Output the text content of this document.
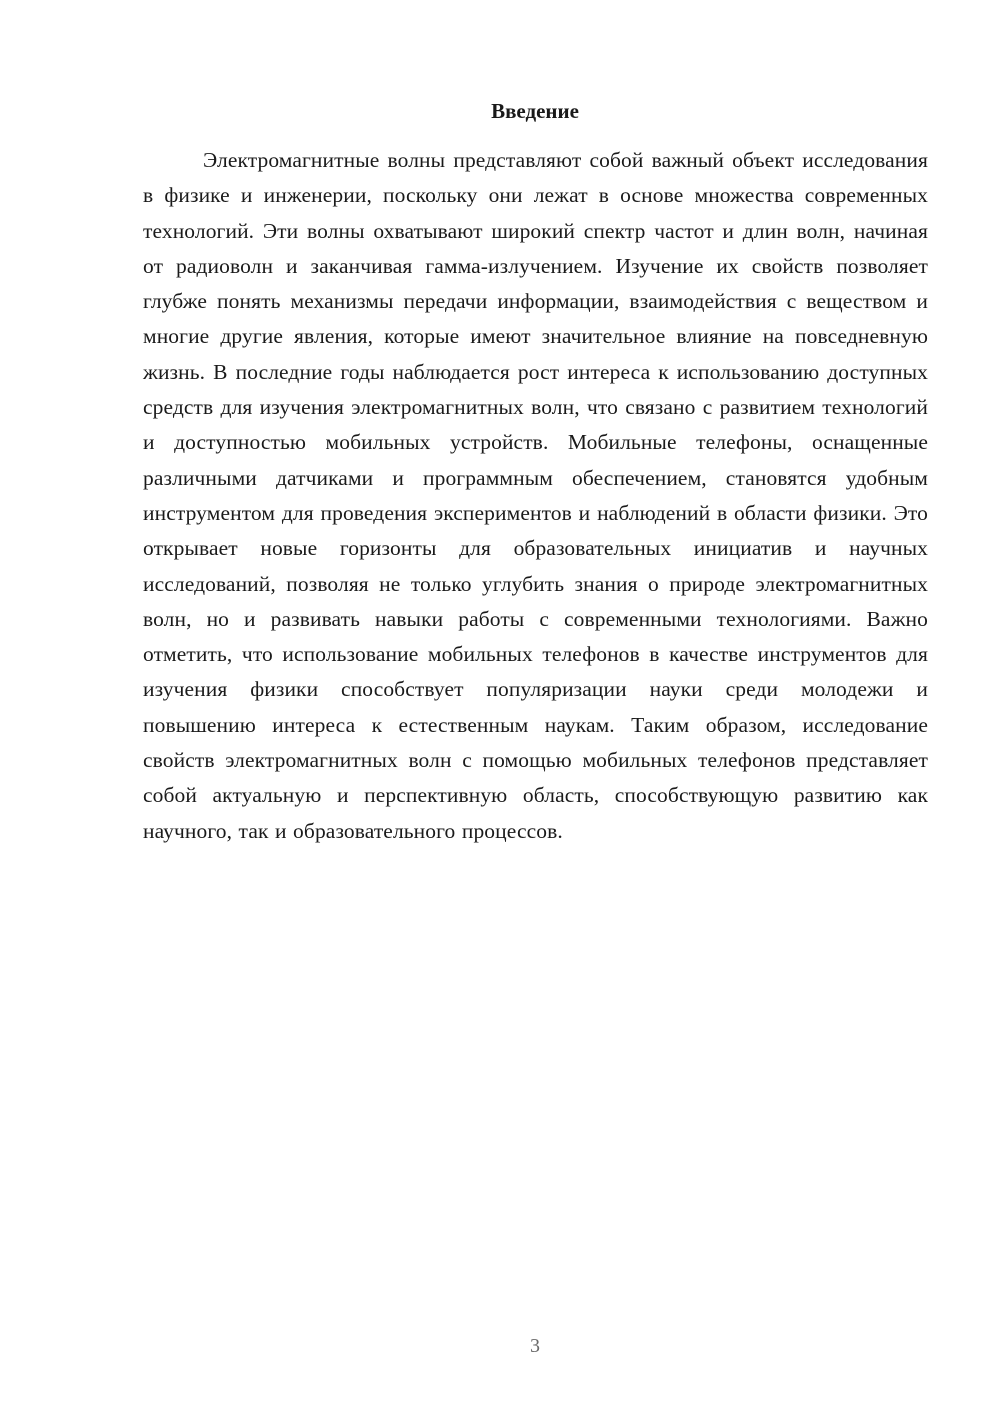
Введение

Электромагнитные волны представляют собой важный объект исследования в физике и инженерии, поскольку они лежат в основе множества современных технологий. Эти волны охватывают широкий спектр частот и длин волн, начиная от радиоволн и заканчивая гамма-излучением. Изучение их свойств позволяет глубже понять механизмы передачи информации, взаимодействия с веществом и многие другие явления, которые имеют значительное влияние на повседневную жизнь. В последние годы наблюдается рост интереса к использованию доступных средств для изучения электромагнитных волн, что связано с развитием технологий и доступностью мобильных устройств. Мобильные телефоны, оснащенные различными датчиками и программным обеспечением, становятся удобным инструментом для проведения экспериментов и наблюдений в области физики. Это открывает новые горизонты для образовательных инициатив и научных исследований, позволяя не только углубить знания о природе электромагнитных волн, но и развивать навыки работы с современными технологиями. Важно отметить, что использование мобильных телефонов в качестве инструментов для изучения физики способствует популяризации науки среди молодежи и повышению интереса к естественным наукам. Таким образом, исследование свойств электромагнитных волн с помощью мобильных телефонов представляет собой актуальную и перспективную область, способствующую развитию как научного, так и образовательного процессов.

3
